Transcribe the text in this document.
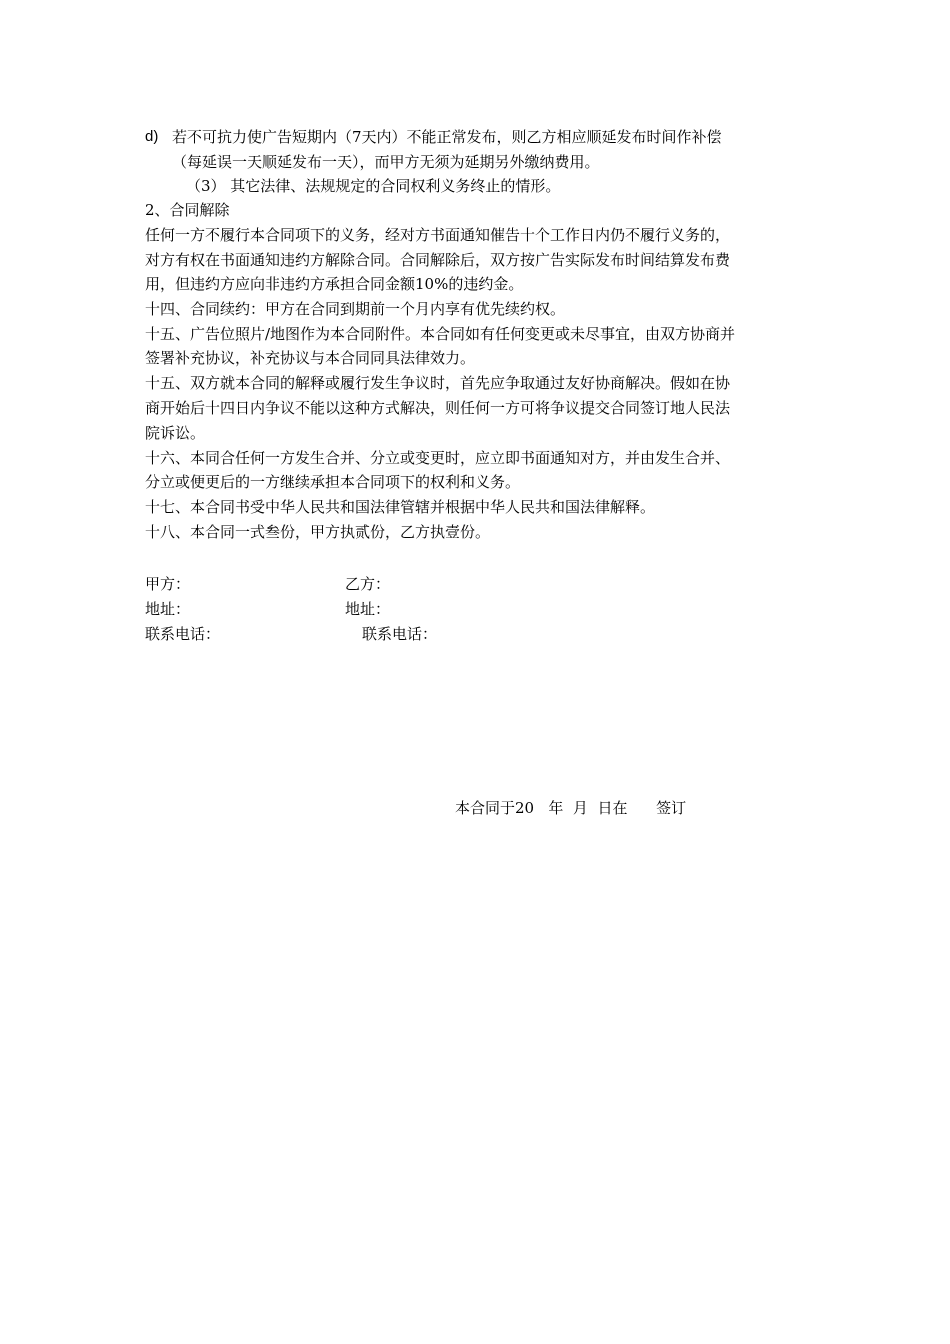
d) 若不可抗力使广告短期内（7天内）不能正常发布，则乙方相应顺延发布时间作补偿
（每延误一天顺延发布一天），而甲方无须为延期另外缴纳费用。
（3） 其它法律、法规规定的合同权利义务终止的情形。
2、合同解除
任何一方不履行本合同项下的义务，经对方书面通知催告十个工作日内仍不履行义务的，
对方有权在书面通知违约方解除合同。合同解除后，双方按广告实际发布时间结算发布费
用，但违约方应向非违约方承担合同金额10%的违约金。
十四、合同续约：甲方在合同到期前一个月内享有优先续约权。
十五、广告位照片/地图作为本合同附件。本合同如有任何变更或未尽事宜，由双方协商并
签署补充协议，补充协议与本合同同具法律效力。
十五、双方就本合同的解释或履行发生争议时，首先应争取通过友好协商解决。假如在协
商开始后十四日内争议不能以这种方式解决，则任何一方可将争议提交合同签订地人民法
院诉讼。
十六、本同合任何一方发生合并、分立或变更时，应立即书面通知对方，并由发生合并、
分立或便更后的一方继续承担本合同项下的权利和义务。
十七、本合同书受中华人民共和国法律管辖并根据中华人民共和国法律解释。
十八、本合同一式叁份，甲方执贰份，乙方执壹份。
甲方：	乙方：
地址：	地址：
联系电话：	联系电话：
本合同于20   年  月  日在      签订
